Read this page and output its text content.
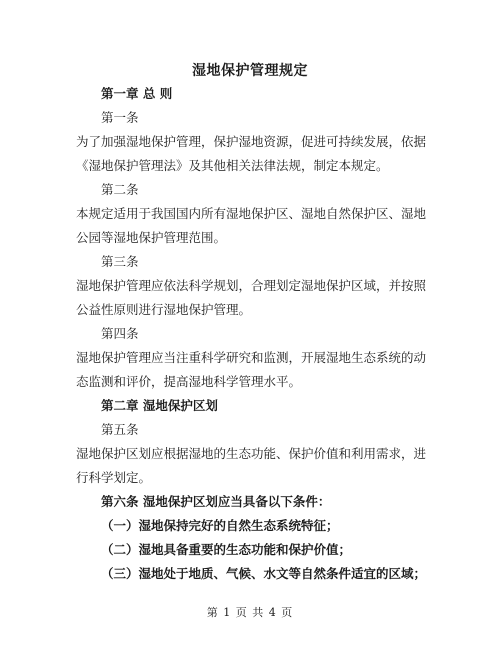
湿地保护管理规定
第一章 总 则
第一条
为了加强湿地保护管理，保护湿地资源，促进可持续发展，依据
《湿地保护管理法》及其他相关法律法规，制定本规定。
第二条
本规定适用于我国国内所有湿地保护区、湿地自然保护区、湿地
公园等湿地保护管理范围。
第三条
湿地保护管理应依法科学规划，合理划定湿地保护区域，并按照
公益性原则进行湿地保护管理。
第四条
湿地保护管理应当注重科学研究和监测，开展湿地生态系统的动
态监测和评价，提高湿地科学管理水平。
第二章 湿地保护区划
第五条
湿地保护区划应根据湿地的生态功能、保护价值和利用需求，进
行科学划定。
第六条 湿地保护区划应当具备以下条件：
（一）湿地保持完好的自然生态系统特征；
（二）湿地具备重要的生态功能和保护价值；
（三）湿地处于地质、气候、水文等自然条件适宜的区域；
第 1 页 共 4 页
